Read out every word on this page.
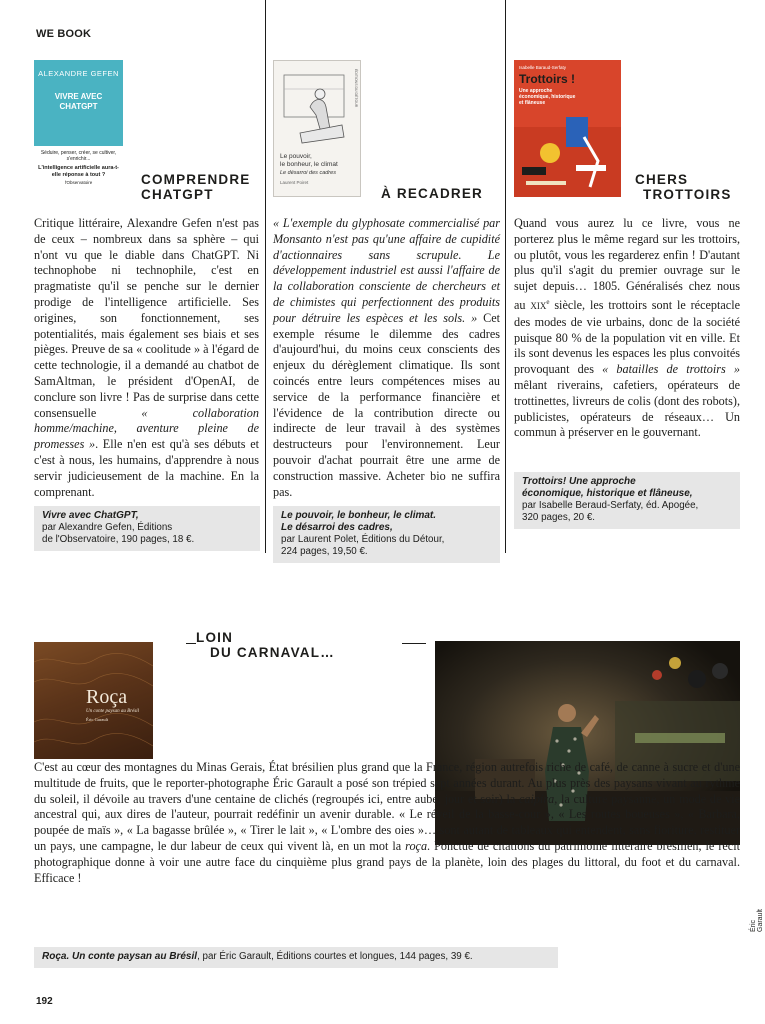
WE BOOK
ALEXANDRE GEFEN
VIVRE AVEC
CHATGPT
Séduire, penser, créer, se cultiver, s'enrichir...
L'intelligence artificielle aura-t-elle réponse à tout ?
l'Observatoire	COMPRENDRE
CHATGPT
Critique littéraire, Alexandre Gefen n'est pas de ceux – nombreux dans sa sphère – qui n'ont vu que le diable dans ChatGPT. Ni technophobe ni technophile, c'est en pragmatiste qu'il se penche sur le dernier prodige de l'intelligence artificielle. Ses origines, son fonctionnement, ses potentialités, mais également ses biais et ses pièges. Preuve de sa « coolitude » à l'égard de cette technologie, il a demandé au chatbot de SamAltman, le président d'OpenAI, de conclure son livre ! Pas de surprise dans cette consensuelle « collaboration homme/machine, aventure pleine de promesses ». Elle n'en est qu'à ses débuts et c'est à nous, les humains, d'apprendre à nous servir judicieusement de la machine. En la comprenant.
Vivre avec ChatGPT,
par Alexandre Gefen, Éditions
de l'Observatoire, 190 pages, 18 €.
Le pouvoir,
le bonheur, le climat
Le désarroi des cadres
Laurent Poiret
ÉDITIONS DU DÉTOUR
À RECADRER
« L'exemple du glyphosate commercialisé par Monsanto n'est pas qu'une affaire de cupidité d'actionnaires sans scrupule. Le développement industriel est aussi l'affaire de la collaboration consciente de chercheurs et de chimistes qui perfectionnent des produits pour détruire les espèces et les sols. » Cet exemple résume le dilemme des cadres d'aujourd'hui, du moins ceux conscients des enjeux du dérèglement climatique. Ils sont coincés entre leurs compétences mises au service de la performance financière et l'évidence de la contribution directe ou indirecte de leur travail à des systèmes destructeurs pour l'environnement. Leur pouvoir d'achat pourrait être une arme de construction massive. Acheter bio ne suffira pas.
Le pouvoir, le bonheur, le climat.
Le désarroi des cadres,
par Laurent Polet, Éditions du Détour,
224 pages, 19,50 €.
Isabelle Baraud-Serfaty
Trottoirs !
Une approche économique, historique et flâneuse
CHERS
TROTTOIRS
Quand vous aurez lu ce livre, vous ne porterez plus le même regard sur les trottoirs, ou plutôt, vous les regarderez enfin ! D'autant plus qu'il s'agit du premier ouvrage sur le sujet depuis… 1805. Généralisés chez nous au XIXe siècle, les trottoirs sont le réceptacle des modes de vie urbains, donc de la société puisque 80 % de la population vit en ville. Et ils sont devenus les espaces les plus convoités provoquant des « batailles de trottoirs » mêlant riverains, cafetiers, opérateurs de trottinettes, livreurs de colis (dont des robots), publicistes, opérateurs de réseaux… Un commun à préserver en le gouvernant.
Trottoirs! Une approche
économique, historique et flâneuse,
par Isabelle Beraud-Serfaty, éd. Apogée,
320 pages, 20 €.
LOIN
DU CARNAVAL…
Roça
Un conte paysan au Brésil
Éric Garault
C'est au cœur des montagnes du Minas Gerais, État brésilien plus grand que la France, région autrefois riche de café, de canne à sucre et d'une multitude de fruits, que le reporter-photographe Éric Garault a posé son trépied sept années durant. Au plus près des paysans vivant au rythme du soleil, il dévoile au travers d'une centaine de clichés (regroupés ici, entre aube, jour et soir) la caipira, la culture paysanne, un mode de vie ancestral qui, aux dires de l'auteur, pourrait redéfinir un avenir durable. « Le réveil de la basse-cour », « Les routes boueuses », « Barbara, poupée de maïs », « La bagasse brûlée », « Tirer le lait », « L'ombre des oies »… sont autant de tableaux qui entendent, sans fioriture, restituer un pays, une campagne, le dur labeur de ceux qui vivent là, en un mot la roça. Ponctué de citations du patrimoine littéraire brésilien, le récit photographique donne à voir une autre face du cinquième plus grand pays de la planète, loin des plages du littoral, du foot et du carnaval. Efficace !
Roça. Un conte paysan au Brésil, par Éric Garault, Éditions courtes et longues, 144 pages, 39 €.
Éric Garault
192
